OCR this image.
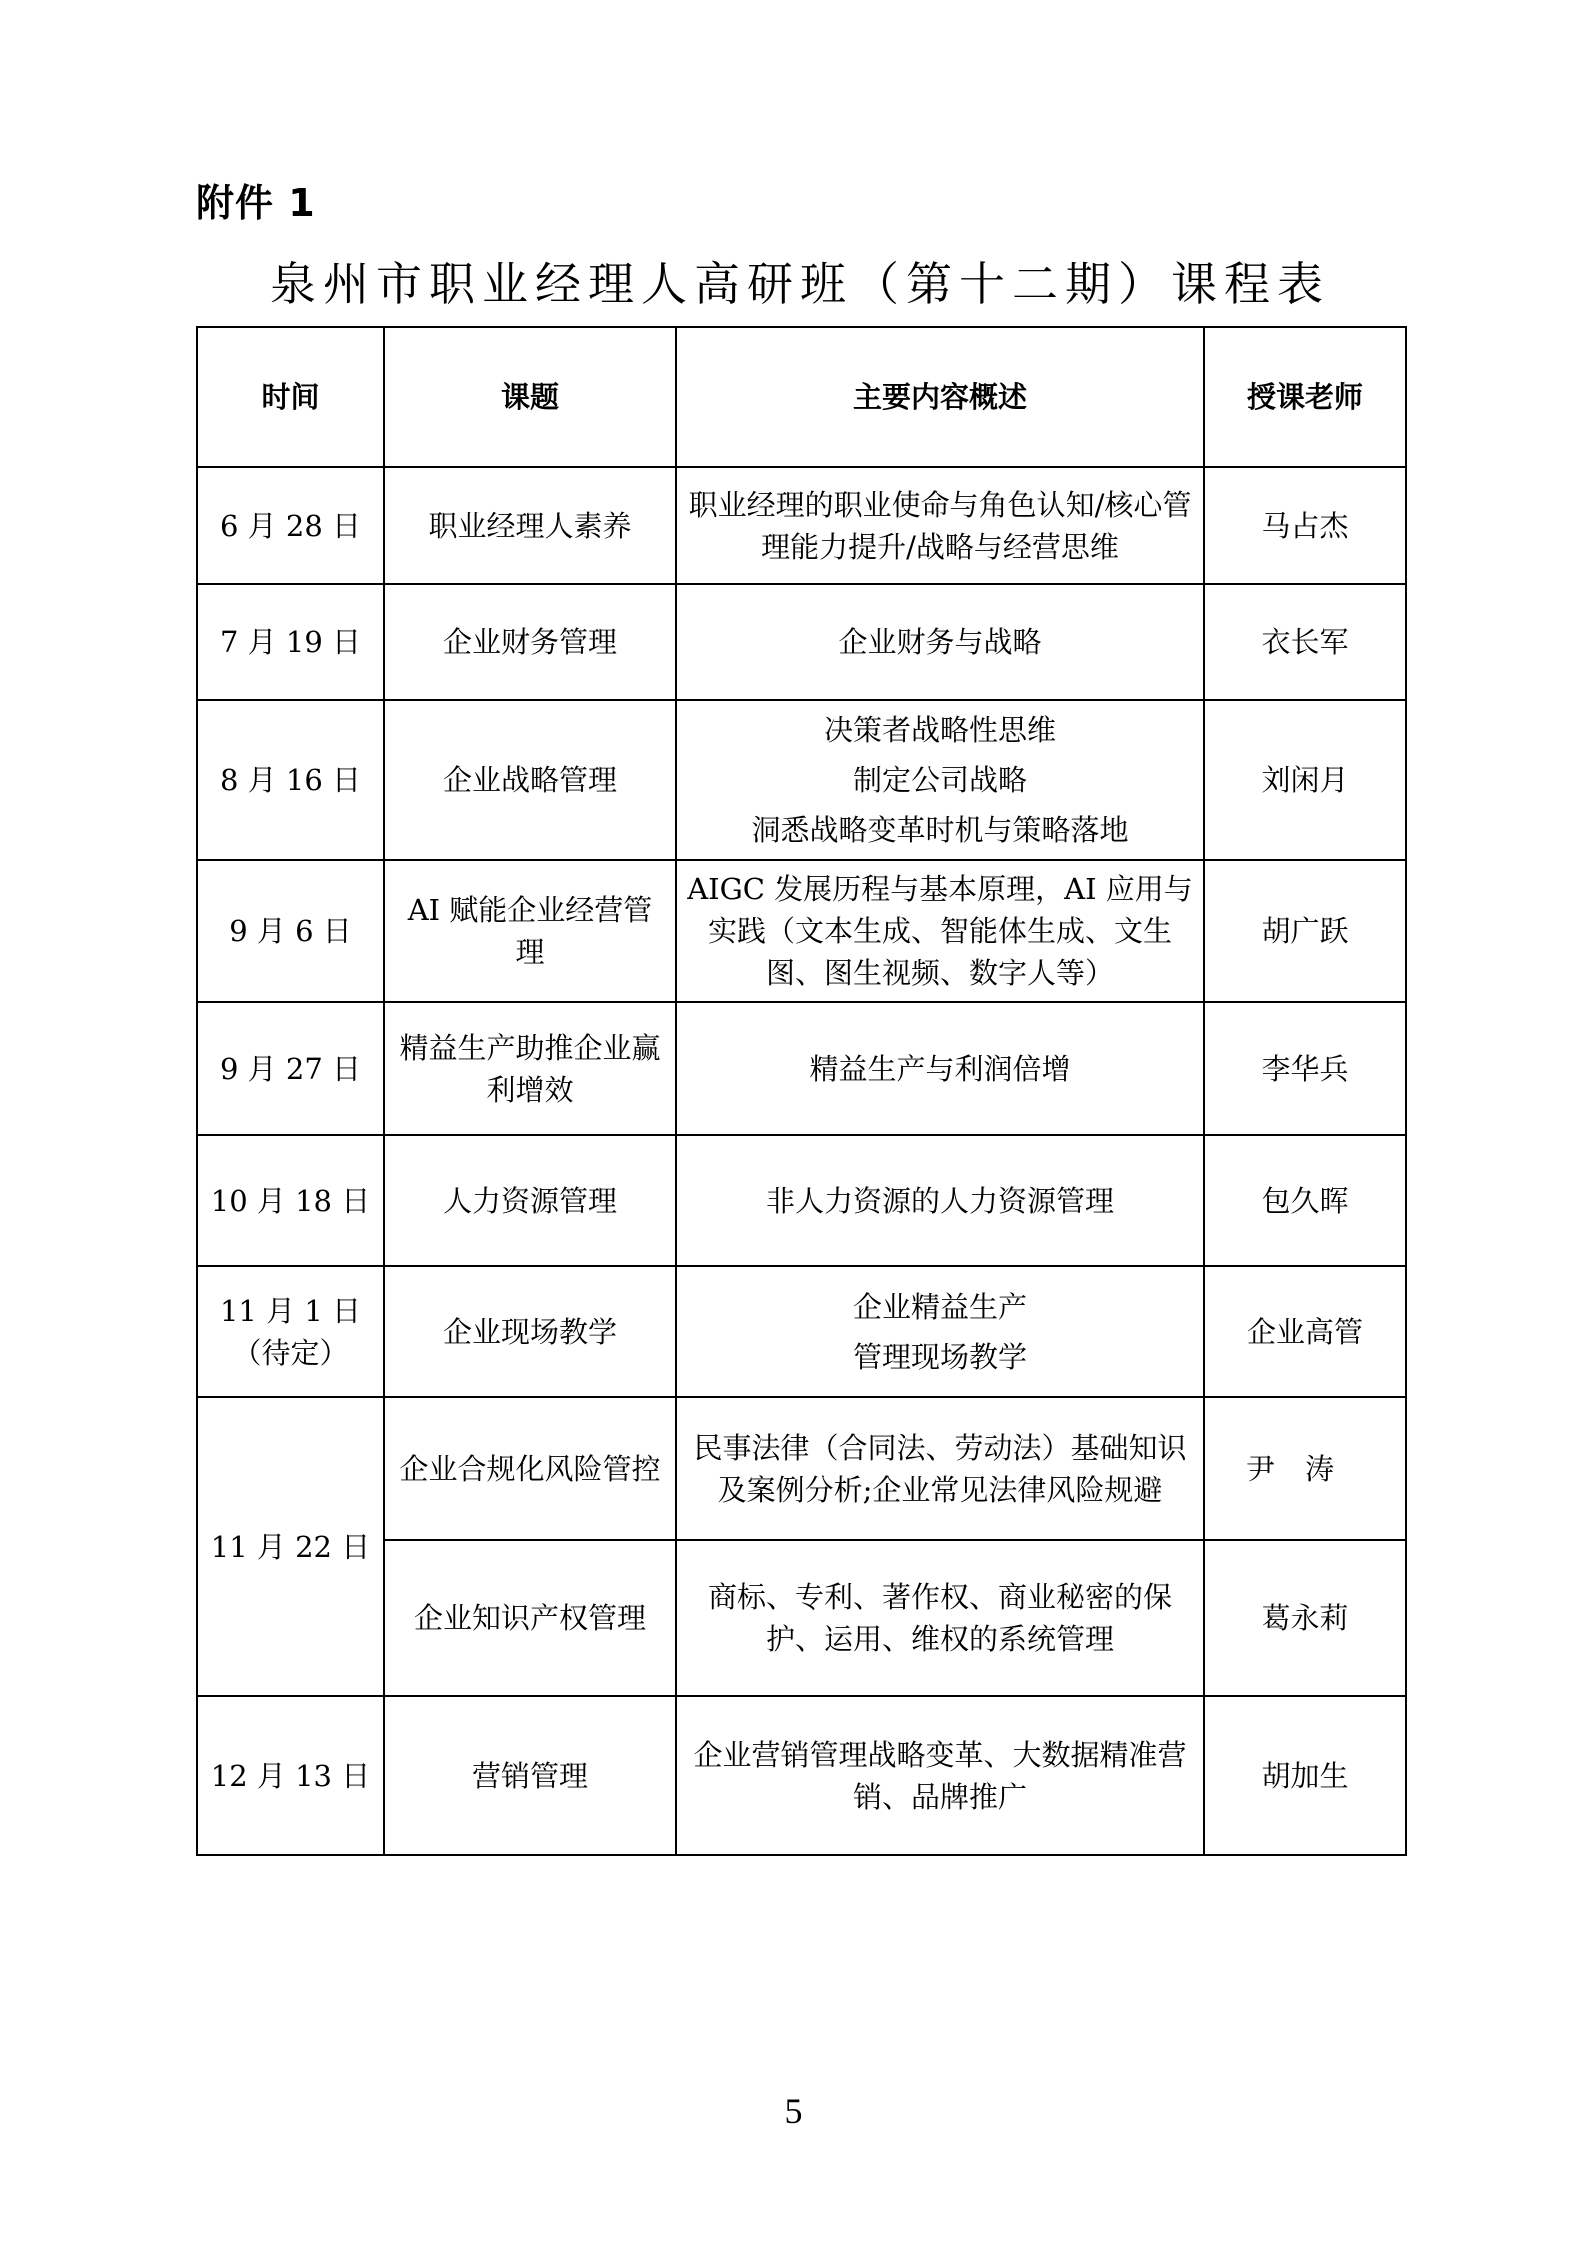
附件 1
泉州市职业经理人高研班（第十二期）课程表
时间	课题	主要内容概述	授课老师
6 月 28 日	职业经理人素养	职业经理的职业使命与角色认知/核心管理能力提升/战略与经营思维	马占杰
7 月 19 日	企业财务管理	企业财务与战略	衣长军
8 月 16 日	企业战略管理	决策者战略性思维
制定公司战略
洞悉战略变革时机与策略落地	刘闲月
9 月 6 日	AI 赋能企业经营管理	AIGC 发展历程与基本原理，AI 应用与实践（文本生成、智能体生成、文生图、图生视频、数字人等）	胡广跃
9 月 27 日	精益生产助推企业赢利增效	精益生产与利润倍增	李华兵
10 月 18 日	人力资源管理	非人力资源的人力资源管理	包久晖

11 月 1 日
（待定）	企业现场教学	企业精益生产
管理现场教学	企业高管
11 月 22 日	企业合规化风险管控	民事法律（合同法、劳动法）基础知识及案例分析;企业常见法律风险规避	尹涛
	企业知识产权管理	商标、专利、著作权、商业秘密的保护、运用、维权的系统管理	葛永莉
12 月 13 日	营销管理	企业营销管理战略变革、大数据精准营销、品牌推广	胡加生
5
